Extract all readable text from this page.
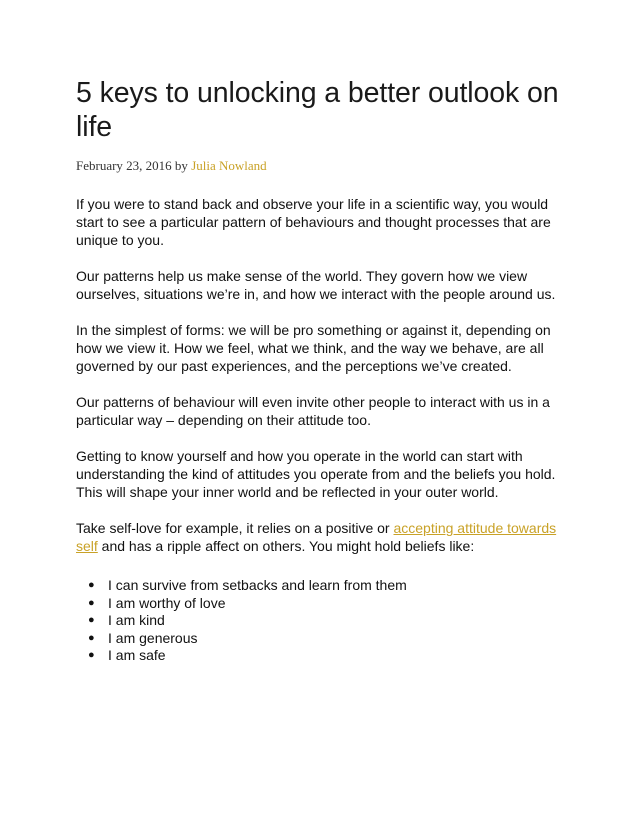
5 keys to unlocking a better outlook on life
February 23, 2016 by Julia Nowland

If you were to stand back and observe your life in a scientific way, you would start to see a particular pattern of behaviours and thought processes that are unique to you.

Our patterns help us make sense of the world. They govern how we view ourselves, situations we’re in, and how we interact with the people around us.

In the simplest of forms: we will be pro something or against it, depending on how we view it. How we feel, what we think, and the way we behave, are all governed by our past experiences, and the perceptions we’ve created.

Our patterns of behaviour will even invite other people to interact with us in a particular way – depending on their attitude too.

Getting to know yourself and how you operate in the world can start with understanding the kind of attitudes you operate from and the beliefs you hold. This will shape your inner world and be reflected in your outer world.

Take self-love for example, it relies on a positive or accepting attitude towards self and has a ripple affect on others. You might hold beliefs like:

● I can survive from setbacks and learn from them
● I am worthy of love
● I am kind
● I am generous
● I am safe
